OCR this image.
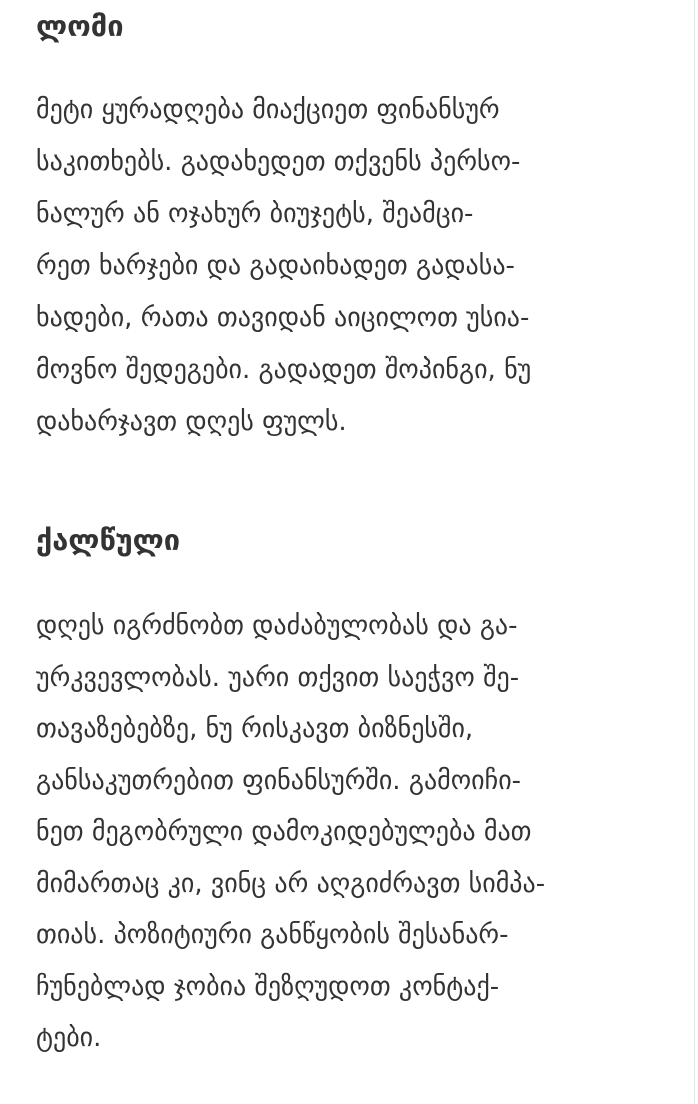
ლომი
მეტი ყურადღება მიაქციეთ ფინანსურ
საკითხებს. გადახედეთ თქვენს პერსო-
ნალურ ან ოჯახურ ბიუჯეტს, შეამცი-
რეთ ხარჯები და გადაიხადეთ გადასა-
ხადები, რათა თავიდან აიცილოთ უსია-
მოვნო შედეგები. გადადეთ შოპინგი, ნუ
დახარჯავთ დღეს ფულს.
ქალწული
დღეს იგრძნობთ დაძაბულობას და გა-
ურკვევლობას. უარი თქვით საეჭვო შე-
თავაზებებზე, ნუ რისკავთ ბიზნესში,
განსაკუთრებით ფინანსურში. გამოიჩი-
ნეთ მეგობრული დამოკიდებულება მათ
მიმართაც კი, ვინც არ აღგიძრავთ სიმპა-
თიას. პოზიტიური განწყობის შესანარ-
ჩუნებლად ჯობია შეზღუდოთ კონტაქ-
ტები.
